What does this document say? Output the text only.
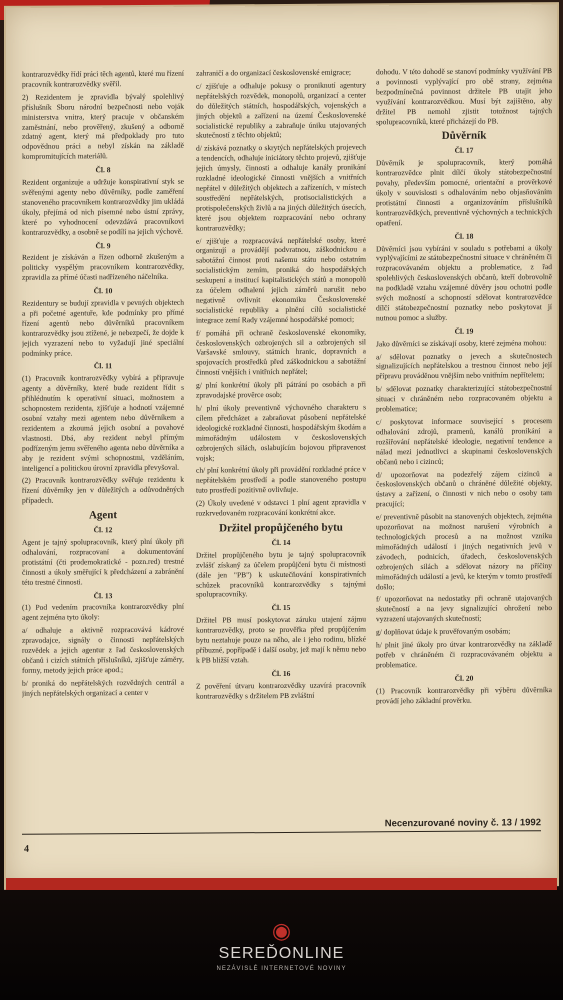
kontrarozvědky řídí práci těch agentů, které mu řízení pracovník kontrarozvědky svěřil.

2) Rezidentem je zpravidla bývalý spolehlivý příslušník Sboru národní bezpečnosti nebo voják ministerstva vnitra, který pracuje v občanském zaměstnání, nebo prověřený, zkušený a odborně zdatný agent, který má předpoklady pro tuto odpovědnou práci a nebyl získán na základě kompromitujících materiálů.

Čl. 8

Rezident organizuje a udržuje konspirativní styk se svěřenými agenty nebo důvěrníky, podle zaměření stanoveného pracovníkem kontrarozvědky jim ukládá úkoly, přejímá od nich písemné nebo ústní zprávy, které po vyhodnocení odevzdává pracovníkovi kontrarozvědky, a osobně se podílí na jejich výchově.

Čl. 9

Rezident je získáván a řízen odborně zkušeným a politicky vyspělým pracovníkem kontrarozvědky, zpravidla za přímé účasti nadřízeného náčelníka.

Čl. 10

Rezidentury se budují zpravidla v pevných objektech a při početné agentuře, kde podmínky pro přímé řízení agentů nebo důvěrníků pracovníkem kontrarozvědky jsou ztížené, je nebezpečí, že dojde k jejich vyzrazení nebo to vyžadují jiné speciální podmínky práce.

Čl. 11

(1) Pracovník kontrarozvědky vybírá a připravuje agenty a důvěrníky, které bude rezident řídit s přihlédnutím k operativní situaci, možnostem a schopnostem rezidenta, zjišťuje a hodnotí vzájemné osobní vztahy mezi agentem nebo důvěrníkem a rezidentem a zkoumá jejich osobní a povahové vlastnosti. Dbá, aby rezident nebyl přímým podřízeným jemu svěřeného agenta nebo důvěrníka a aby je rezident svými schopnostmi, vzděláním, inteligencí a politickou úrovní zpravidla převyšoval.

(2) Pracovník kontrarozvědky svěřuje rezidentu k řízení důvěrníky jen v důležitých a odůvodněných případech.

Agent
Čl. 12

Agent je tajný spolupracovník, který plní úkoly při odhalování, rozpracovaní a dokumentování protistátní (čti prodemokratické - pozn.red) trestné činnosti a úkoly směřující k předcházení a zabránění této trestné činnosti.

Čl. 13

(1) Pod vedením pracovníka kontrarozvědky plní agent zejména tyto úkoly:

a/ odhaluje a aktivně rozpracovává kádrové zpravodajce, signály o činnosti nepřátelských rozvědek a jejich agentur z řad československých občanů i cizích státních příslušníků, zjišťuje záměry, formy, metody jejich práce apod.;

b/ proniká do nepřátelských rozvědných centrál a jiných nepřátelských organizací a center v

zahraničí a do organizací československé emigrace;

c/ zjišťuje a odhaluje pokusy o proniknutí agentury nepřátelských rozvědek, monopolů, organizací a center do důležitých státních, hospodářských, vojenských a jiných objektů a zařízení na území Československé socialistické republiky a zabraňuje úniku utajovaných skutečností z těchto objektů;

d/ získává poznatky o skrytých nepřátelských projevech a tendencích, odhaluje iniciátory těchto projevů, zjišťuje jejich úmysly, činnosti a odhaluje kanály pronikání rozkladné ideologické činnosti vnějších a vnitřních nepřátel v důležitých objektech a zařízeních, v místech soustředění nepřátelských, protisocialistických a protispolečenských živlů a na jiných důležitých úsecích, které jsou objektem rozpracování nebo ochrany kontrarozvědky;

e/ zjišťuje a rozpracovává nepřátelské osoby, které organizují a provádějí podvratnou, záškodnickou a sabotážní činnost proti našemu státu nebo ostatním socialistickým zemím, proniká do hospodářských seskupení a institucí kapitalistických států a monopolů za účelem odhalení jejich záměrů narušit nebo negativně ovlivnit ekonomiku Československé socialistické republiky a plnění cílů socialistické integrace zemí Rady vzájemné hospodářské pomoci;

f/ pomáhá při ochraně československé ekonomiky, československých ozbrojených sil a ozbrojených sil Varšavské smlouvy, státních hranic, dopravních a spojovacích prostředků před záškodnickou a sabotážní činností vnějších i vnitřních nepřátel;

g/ plní konkrétní úkoly při pátrání po osobách a při zpravodajské prověrce osob;

h/ plní úkoly preventivně výchovného charakteru s cílem předcházet a zabraňovat působení nepřátelské ideologické rozkladné činnosti, hospodářským škodám a mimořádným událostem v československých ozbrojených silách, oslabujícím bojovou připravenost vojsk;

ch/ plní konkrétní úkoly při provádění rozkladné práce v nepřátelském prostředí a podle stanoveného postupu tuto prostředí pozitivně ovlivňuje.

(2) Úkoly uvedené v odstavci 1 plní agent zpravidla v rozkrvedovaném rozpracování konkrétní akce.

Držitel propůjčeného bytu
Čl. 14

Držitel propůjčeného bytu je tajný spolupracovník zvlášť získaný za účelem propůjčení bytu či místnosti (dále jen "PB") k uskutečňování konspirativních schůzek pracovníků kontrarozvědky s tajnými spolupracovníky.

Čl. 15

Držitel PB musí poskytovat záruku utajení zájmu kontrarozvědky, proto se prověřka před propůjčením bytu neztahuje pouze na něho, ale i jeho rodinu, blízké příbuzné, popřípadě i další osoby, jež mají k němu nebo k PB bližší vztah.

Čl. 16

Z pověření útvaru kontrarozvědky uzavírá pracovník kontrarozvědky s držitelem PB zvláštní

dohodu. V této dohodě se stanoví podmínky využívání PB a povinnosti vyplývající pro obě strany, zejména bezpodmínečná povinnost držitele PB utajit jeho využívání kontrarozvědkou. Musí být zajištěno, aby držitel PB nemohl zjistit totožnost tajných spolupracovníků, které přicházejí do PB.

Důvěrník
Čl. 17

Důvěrník je spolupracovník, který pomáhá kontrarozvědce plnit dílčí úkoly státobezpečnostní povahy, především pomocné, orientační a prověrkové úkoly v souvislosti s odhalováním nebo objasňováním protistátní činnosti a organizováním příslušníků kontrarozvědkých, preventivně výchovných a technických opatření.

Čl. 18

Důvěrníci jsou vybíráni v souladu s potřebami a úkoly vyplývajícími ze státobezpečnostní situace v chráněném či rozpracovávaném objektu a problematice, z řad spolehlivých československých občanů, kteří dobrovolně na podkladě vztahu vzájemné důvěry jsou ochotni podle svých možností a schopností sdělovat kontrarozvědce dílčí státobezpečnostní poznatky nebo poskytovat jí nutnou pomoc a služby.

Čl. 19

Jako důvěrníci se získávají osoby, které zejména mohou:

a/ sdělovat poznatky o jevech a skutečnostech signalizujících nepřátelskou a trestnou činnost nebo její přípravu prováděnou vnějším nebo vnitřním nepřítelem;

b/ sdělovat poznatky charakterizující státobezpečnostní situaci v chráněném nebo rozpracovaném objektu a problematice;

c/ poskytovat informace související s procesem odhalování zdrojů, pramenů, kanálů pronikání a rozšiřování nepřátelské ideologie, negativní tendence a nálad mezi jednotlivci a skupinami československých občanů nebo i cizinců;

d/ upozorňovat na podezřelý zájem cizinců a československých občanů o chráněné důležité objekty, ústavy a zařízení, o činnosti v nich nebo o osoby tam pracující;

e/ preventivně působit na stanovených objektech, zejména upozorňovat na možnost narušení výrobních a technologických procesů a na možnost vzniku mimořádných událostí i jiných negativních jevů v závodech, podnicích, úřadech, československých ozbrojených silách a sdělovat názory na příčiny mimořádných událostí a jevů, ke kterým v tomto prostředí došlo;

f/ upozorňovat na nedostatky při ochraně utajovaných skutečností a na jevy signalizující ohrožení nebo vyzrazení utajovaných skutečností;

g/ doplňovat údaje k prověřovaným osobám;

h/ plnit jiné úkoly pro útvar kontrarozvědky na základě potřeb v chráněném či rozpracovávaném objektu a problematice.

Čl. 20

(1) Pracovník kontrarozvědky při výběru důvěrníka provádí jeho základní prověrku.

Necenzurované noviny č. 13 / 1992
4
◉
SEREĎONLINE
NEZÁVISLÉ INTERNETOVÉ NOVINY
